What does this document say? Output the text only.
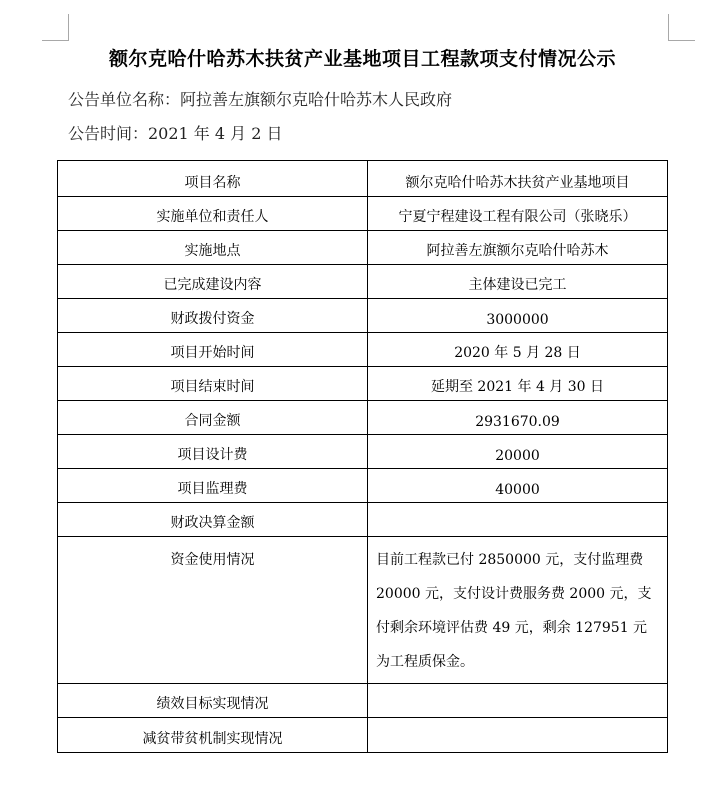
额尔克哈什哈苏木扶贫产业基地项目工程款项支付情况公示
公告单位名称：阿拉善左旗额尔克哈什哈苏木人民政府
公告时间：2021 年 4 月 2 日
项目名称	额尔克哈什哈苏木扶贫产业基地项目
实施单位和责任人	宁夏宁程建设工程有限公司（张晓乐）
实施地点	阿拉善左旗额尔克哈什哈苏木
已完成建设内容	主体建设已完工
财政拨付资金	3000000
项目开始时间	2020 年 5 月 28 日
项目结束时间	延期至 2021 年 4 月 30 日
合同金额	2931670.09
项目设计费	20000
项目监理费	40000
财政决算金额	
资金使用情况	目前工程款已付 2850000 元，支付监理费 20000 元，支付设计费服务费 2000 元，支付剩余环境评估费 49 元，剩余 127951 元为工程质保金。
绩效目标实现情况	
减贫带贫机制实现情况	
